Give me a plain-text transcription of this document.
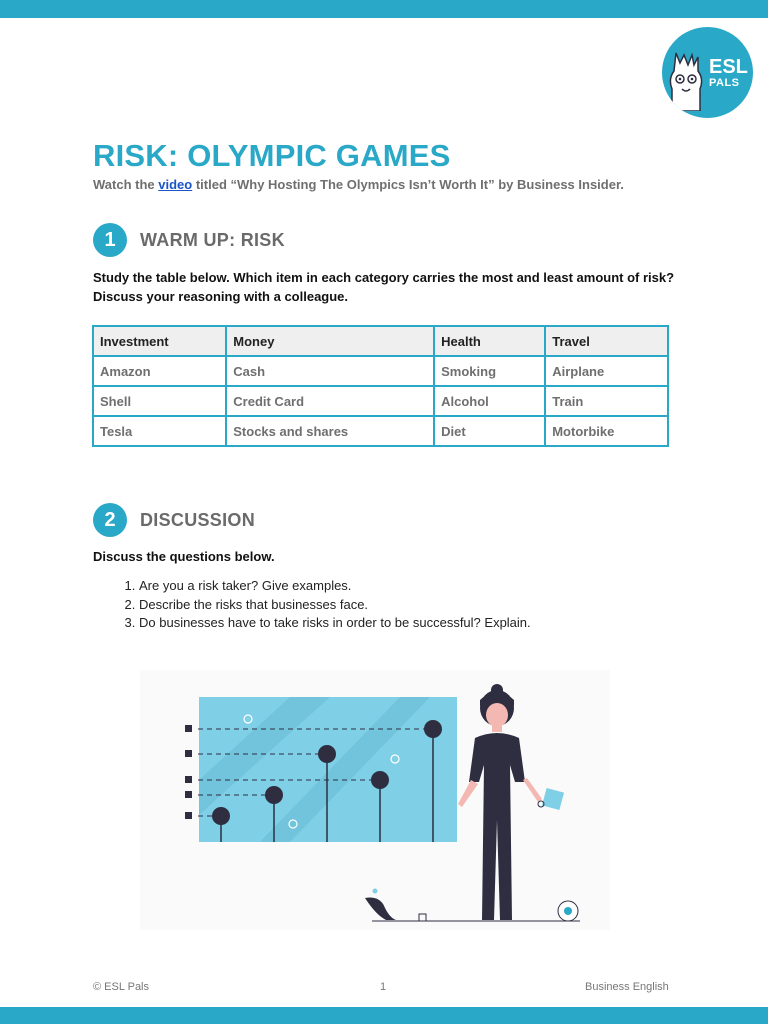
ESL
PALS
RISK: OLYMPIC GAMES
Watch the video titled “Why Hosting The Olympics Isn’t Worth It” by Business Insider.
1	WARM UP: RISK
Study the table below. Which item in each category carries the most and least amount of risk? Discuss your reasoning with a colleague.
Investment	Money	Health	Travel
Amazon	Cash	Smoking	Airplane
Shell	Credit Card	Alcohol	Train
Tesla	Stocks and shares	Diet	Motorbike
2	DISCUSSION
Discuss the questions below.
1. Are you a risk taker? Give examples.
2. Describe the risks that businesses face.
3. Do businesses have to take risks in order to be successful? Explain.
© ESL Pals	1	Business English
